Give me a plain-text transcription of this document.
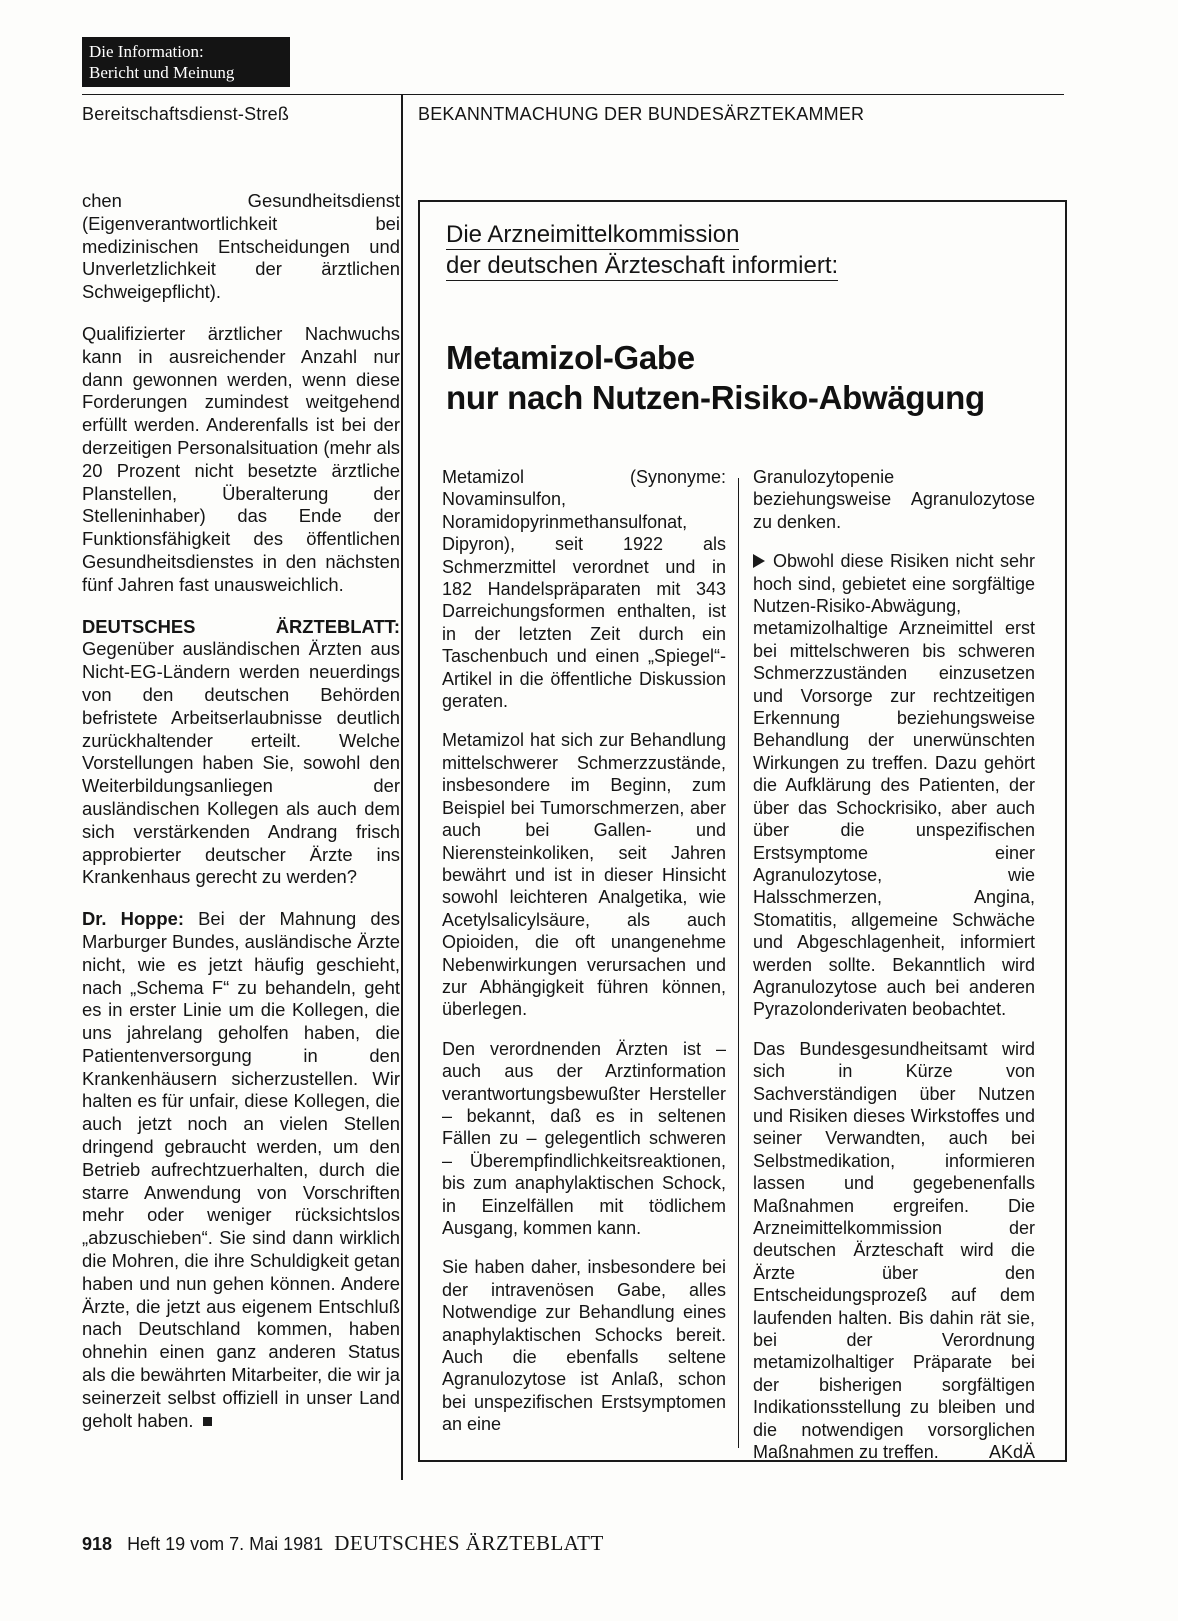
Die Information:
Bericht und Meinung
Bereitschaftsdienst-Streß	BEKANNTMACHUNG DER BUNDESÄRZTEKAMMER

chen Gesundheitsdienst (Eigenverantwortlichkeit bei medizinischen Entscheidungen und Unverletzlichkeit der ärztlichen Schweigepflicht).

Qualifizierter ärztlicher Nachwuchs kann in ausreichender Anzahl nur dann gewonnen werden, wenn diese Forderungen zumindest weitgehend erfüllt werden. Anderenfalls ist bei der derzeitigen Personalsituation (mehr als 20 Prozent nicht besetzte ärztliche Planstellen, Überalterung der Stelleninhaber) das Ende der Funktionsfähigkeit des öffentlichen Gesundheitsdienstes in den nächsten fünf Jahren fast unausweichlich.

DEUTSCHES ÄRZTEBLATT: Gegenüber ausländischen Ärzten aus Nicht-EG-Ländern werden neuerdings von den deutschen Behörden befristete Arbeitserlaubnisse deutlich zurückhaltender erteilt. Welche Vorstellungen haben Sie, sowohl den Weiterbildungsanliegen der ausländischen Kollegen als auch dem sich verstärkenden Andrang frisch approbierter deutscher Ärzte ins Krankenhaus gerecht zu werden?

Dr. Hoppe: Bei der Mahnung des Marburger Bundes, ausländische Ärzte nicht, wie es jetzt häufig geschieht, nach „Schema F“ zu behandeln, geht es in erster Linie um die Kollegen, die uns jahrelang geholfen haben, die Patientenversorgung in den Krankenhäusern sicherzustellen. Wir halten es für unfair, diese Kollegen, die auch jetzt noch an vielen Stellen dringend gebraucht werden, um den Betrieb aufrechtzuerhalten, durch die starre Anwendung von Vorschriften mehr oder weniger rücksichtslos „abzuschieben“. Sie sind dann wirklich die Mohren, die ihre Schuldigkeit getan haben und nun gehen können. Andere Ärzte, die jetzt aus eigenem Entschluß nach Deutschland kommen, haben ohnehin einen ganz anderen Status als die bewährten Mitarbeiter, die wir ja seinerzeit selbst offiziell in unser Land geholt haben.

Die Arzneimittelkommission
der deutschen Ärzteschaft informiert:
Metamizol-Gabe
nur nach Nutzen-Risiko-Abwägung

Metamizol (Synonyme: Novaminsulfon, Noramidopyrinmethansulfonat, Dipyron), seit 1922 als Schmerzmittel verordnet und in 182 Handelspräparaten mit 343 Darreichungsformen enthalten, ist in der letzten Zeit durch ein Taschenbuch und einen „Spiegel“-Artikel in die öffentliche Diskussion geraten.

Metamizol hat sich zur Behandlung mittelschwerer Schmerzzustände, insbesondere im Beginn, zum Beispiel bei Tumorschmerzen, aber auch bei Gallen- und Nierensteinkoliken, seit Jahren bewährt und ist in dieser Hinsicht sowohl leichteren Analgetika, wie Acetylsalicylsäure, als auch Opioiden, die oft unangenehme Nebenwirkungen verursachen und zur Abhängigkeit führen können, überlegen.

Den verordnenden Ärzten ist – auch aus der Arztinformation verantwortungsbewußter Hersteller – bekannt, daß es in seltenen Fällen zu – gelegentlich schweren – Überempfindlichkeitsreaktionen, bis zum anaphylaktischen Schock, in Einzelfällen mit tödlichem Ausgang, kommen kann.

Sie haben daher, insbesondere bei der intravenösen Gabe, alles Notwendige zur Behandlung eines anaphylaktischen Schocks bereit. Auch die ebenfalls seltene Agranulozytose ist Anlaß, schon bei unspezifischen Erstsymptomen an eine

Granulozytopenie beziehungsweise Agranulozytose zu denken.

Obwohl diese Risiken nicht sehr hoch sind, gebietet eine sorgfältige Nutzen-Risiko-Abwägung, metamizolhaltige Arzneimittel erst bei mittelschweren bis schweren Schmerzzuständen einzusetzen und Vorsorge zur rechtzeitigen Erkennung beziehungsweise Behandlung der unerwünschten Wirkungen zu treffen. Dazu gehört die Aufklärung des Patienten, der über das Schockrisiko, aber auch über die unspezifischen Erstsymptome einer Agranulozytose, wie Halsschmerzen, Angina, Stomatitis, allgemeine Schwäche und Abgeschlagenheit, informiert werden sollte. Bekanntlich wird Agranulozytose auch bei anderen Pyrazolonderivaten beobachtet.

Das Bundesgesundheitsamt wird sich in Kürze von Sachverständigen über Nutzen und Risiken dieses Wirkstoffes und seiner Verwandten, auch bei Selbstmedikation, informieren lassen und gegebenenfalls Maßnahmen ergreifen. Die Arzneimittelkommission der deutschen Ärzteschaft wird die Ärzte über den Entscheidungsprozeß auf dem laufenden halten. Bis dahin rät sie, bei der Verordnung metamizolhaltiger Präparate bei der bisherigen sorgfältigen Indikationsstellung zu bleiben und die notwendigen vorsorglichen Maßnahmen zu treffen.	AKdÄ

918 Heft 19 vom 7. Mai 1981 DEUTSCHES ÄRZTEBLATT
